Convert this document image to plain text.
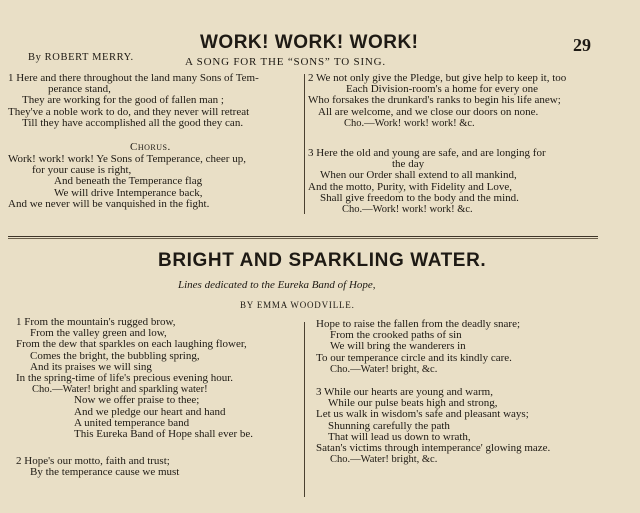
WORK! WORK! WORK!	29
By ROBERT MERRY.	A SONG FOR THE “SONS” TO SING.
1 Here and there throughout the land many Sons of Tem-
perance stand,
They are working for the good of fallen man ;
They've a noble work to do, and they never will retreat
Till they have accomplished all the good they can.
Chorus.
Work! work! work! Ye Sons of Temperance, cheer up,
for your cause is right,
And beneath the Temperance flag
We will drive Intemperance back,
And we never will be vanquished in the fight.
2 We not only give the Pledge, but give help to keep it, too
Each Division-room's a home for every one
Who forsakes the drunkard's ranks to begin his life anew;
All are welcome, and we close our doors on none.
Cho.—Work! work! work! &c.
3 Here the old and young are safe, and are longing for
the day
When our Order shall extend to all mankind,
And the motto, Purity, with Fidelity and Love,
Shall give freedom to the body and the mind.
Cho.—Work! work! work! &c.
BRIGHT AND SPARKLING WATER.
Lines dedicated to the Eureka Band of Hope,
BY EMMA WOODVILLE.
1 From the mountain's rugged brow,
From the valley green and low,
From the dew that sparkles on each laughing flower,
Comes the bright, the bubbling spring,
And its praises we will sing
In the spring-time of life's precious evening hour.
Cho.—Water! bright and sparkling water!
Now we offer praise to thee;
And we pledge our heart and hand
A united temperance band
This Eureka Band of Hope shall ever be.
2 Hope's our motto, faith and trust;
By the temperance cause we must
Hope to raise the fallen from the deadly snare;
From the crooked paths of sin
We will bring the wanderers in
To our temperance circle and its kindly care.
Cho.—Water! bright, &c.
3 While our hearts are young and warm,
While our pulse beats high and strong,
Let us walk in wisdom's safe and pleasant ways;
Shunning carefully the path
That will lead us down to wrath,
Satan's victims through intemperance' glowing maze.
Cho.—Water! bright, &c.
